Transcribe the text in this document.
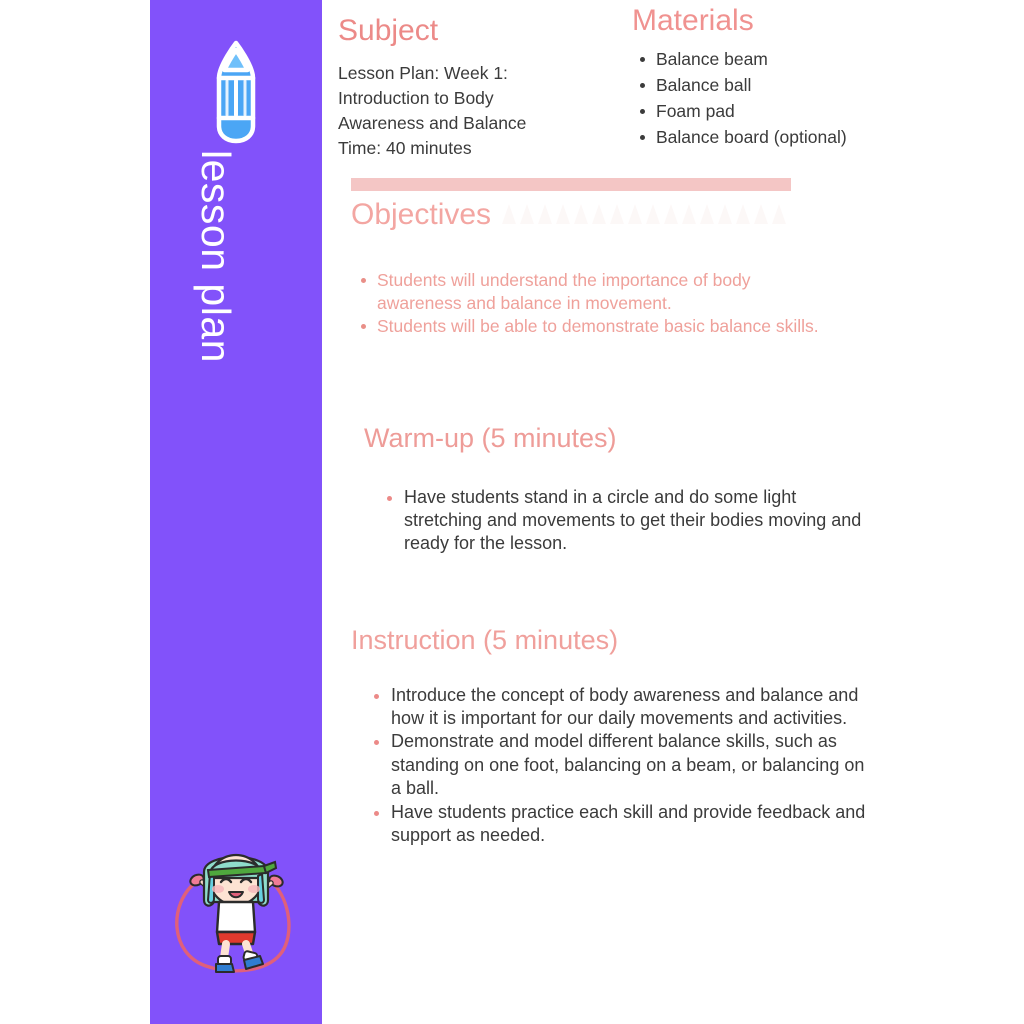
lesson plan
Subject
Lesson Plan: Week 1:
Introduction to Body
Awareness and Balance
Time: 40 minutes
Materials
Balance beam
Balance ball
Foam pad
Balance board (optional)
Objectives
Students will understand the importance of body awareness and balance in movement.
Students will be able to demonstrate basic balance skills.
Warm-up (5 minutes)
Have students stand in a circle and do some light stretching and movements to get their bodies moving and ready for the lesson.
Instruction (5 minutes)
Introduce the concept of body awareness and balance and how it is important for our daily movements and activities.
Demonstrate and model different balance skills, such as standing on one foot, balancing on a beam, or balancing on a ball.
Have students practice each skill and provide feedback and support as needed.
